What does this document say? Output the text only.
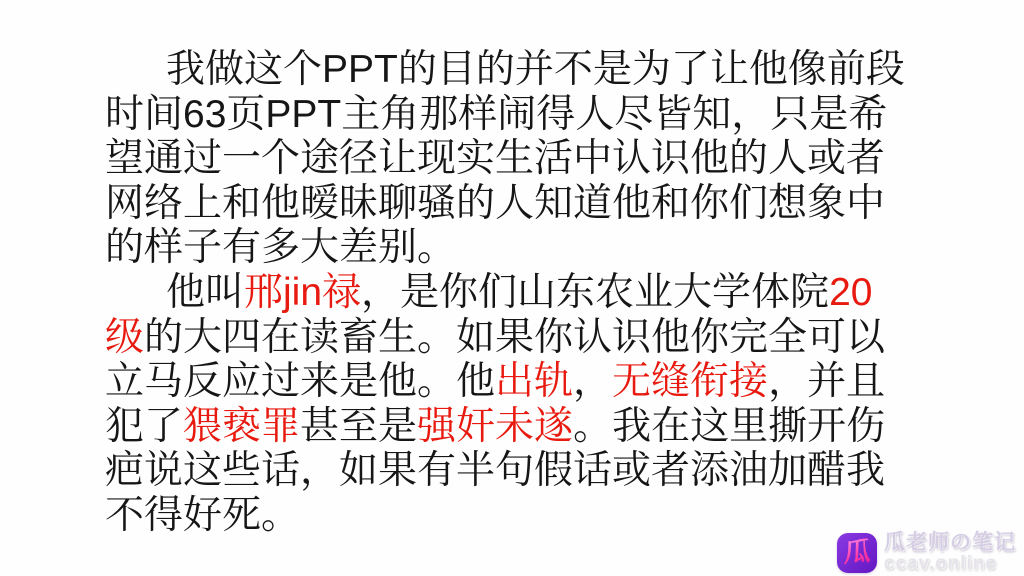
我做这个PPT的目的并不是为了让他像前段
时间63页PPT主角那样闹得人尽皆知，只是希
望通过一个途径让现实生活中认识他的人或者
网络上和他暧昧聊骚的人知道他和你们想象中
的样子有多大差别。
他叫邢jin禄，是你们山东农业大学体院20
级的大四在读畜生。如果你认识他你完全可以
立马反应过来是他。他出轨，无缝衔接，并且
犯了猥亵罪甚至是强奸未遂。我在这里撕开伤
疤说这些话，如果有半句假话或者添油加醋我
不得好死。
瓜 瓜老师の笔记
ccav.online
